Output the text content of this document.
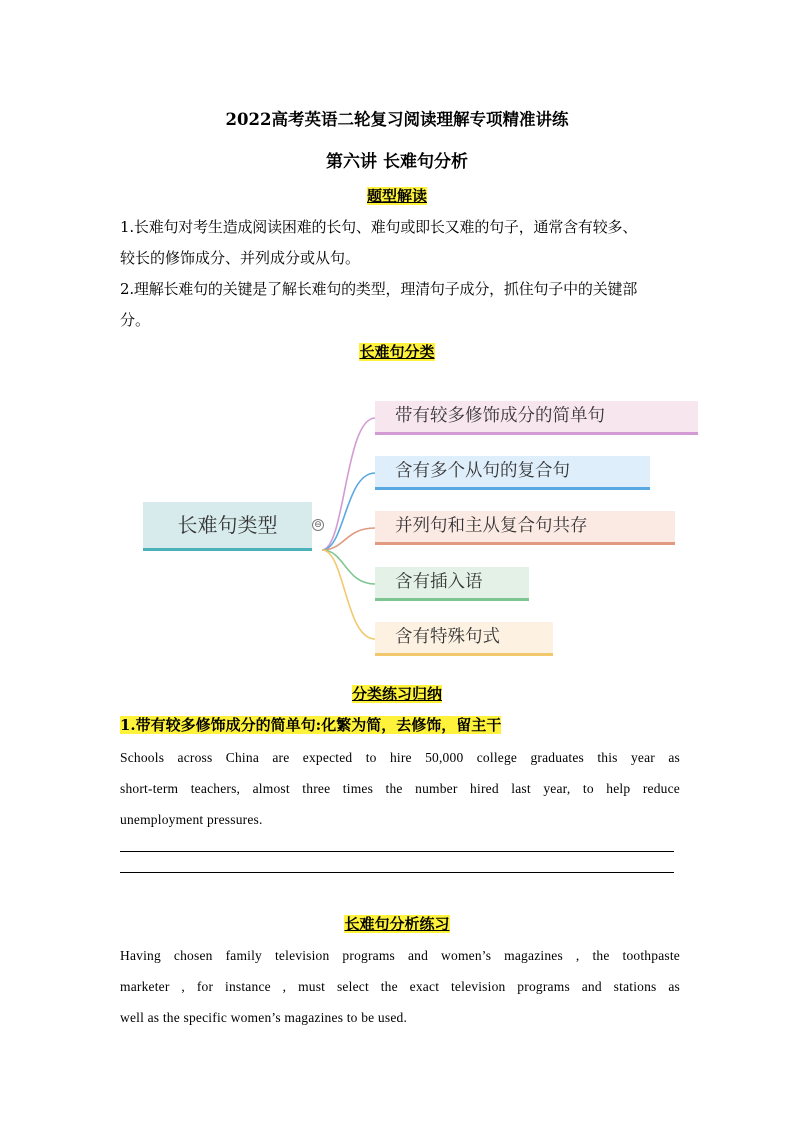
2022高考英语二轮复习阅读理解专项精准讲练
第六讲 长难句分析
题型解读
1.长难句对考生造成阅读困难的长句、难句或即长又难的句子，通常含有较多、
较长的修饰成分、并列成分或从句。
2.理解长难句的关键是了解长难句的类型，理清句子成分，抓住句子中的关键部
分。
长难句分类
长难句类型	⊖
带有较多修饰成分的简单句
含有多个从句的复合句
并列句和主从复合句共存
含有插入语
含有特殊句式
分类练习归纳
1.带有较多修饰成分的简单句:化繁为简，去修饰，留主干
Schools across China are expected to hire 50,000 college graduates this year as
short-term teachers, almost three times the number hired last year, to help reduce
unemployment pressures.
长难句分析练习
Having chosen family television programs and women’s magazines , the toothpaste
marketer , for instance , must select the exact television programs and stations as
well as the specific women’s magazines to be used.
